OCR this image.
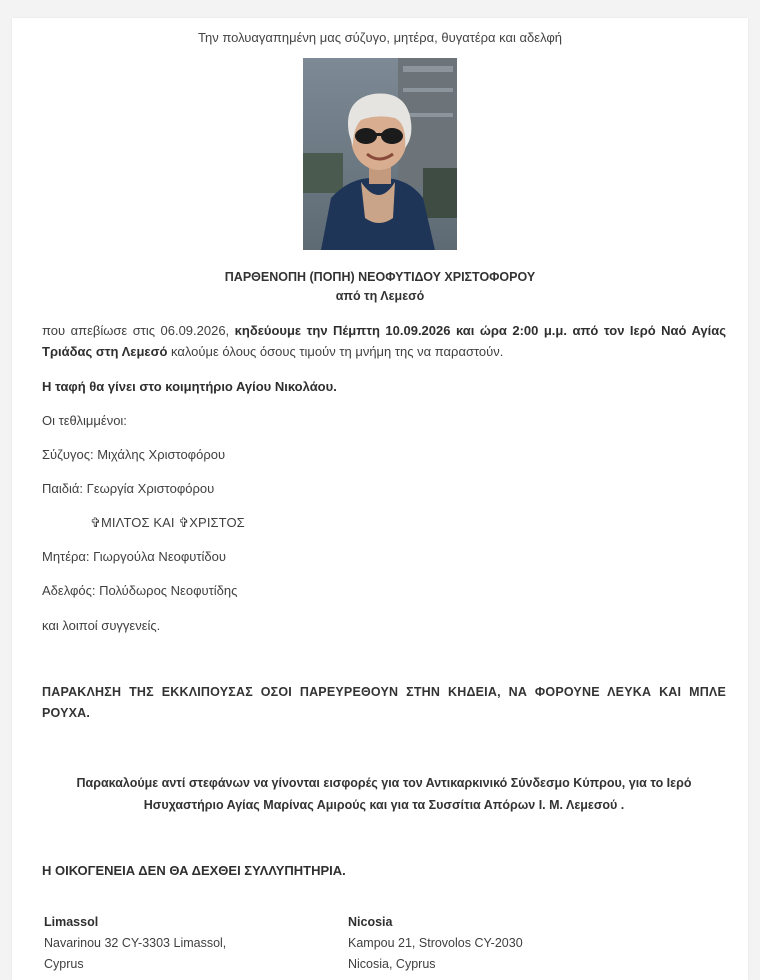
Την πολυαγαπημένη μας σύζυγο, μητέρα, θυγατέρα και αδελφή
ΠΑΡΘΕΝΟΠΗ (ΠΟΠΗ) ΝΕΟΦΥΤΙΔΟΥ ΧΡΙΣΤΟΦΟΡΟΥ
από τη Λεμεσό
που απεβίωσε στις 06.09.2026, κηδεύουμε την Πέμπτη 10.09.2026 και ώρα 2:00 μ.μ. από τον Ιερό Ναό Αγίας Τριάδας στη Λεμεσό καλούμε όλους όσους τιμούν τη μνήμη της να παραστούν.
Η ταφή θα γίνει στο κοιμητήριο Αγίου Νικολάου.
Οι τεθλιμμένοι:
Σύζυγος: Μιχάλης Χριστοφόρου
Παιδιά: Γεωργία Χριστοφόρου
✞ΜΙΛΤΟΣ ΚΑΙ ✞ΧΡΙΣΤΟΣ
Μητέρα: Γιωργούλα Νεοφυτίδου
Αδελφός: Πολύδωρος Νεοφυτίδης
και λοιποί συγγενείς.
ΠΑΡΑΚΛΗΣΗ ΤΗΣ ΕΚΚΛΙΠΟΥΣΑΣ ΟΣΟΙ ΠΑΡΕΥΡΕΘΟΥΝ ΣΤΗΝ ΚΗΔΕΙΑ, ΝΑ ΦΟΡΟΥΝΕ ΛΕΥΚΑ ΚΑΙ ΜΠΛΕ ΡΟΥΧΑ.
Παρακαλούμε αντί στεφάνων να γίνονται εισφορές για τον Αντικαρκινικό Σύνδεσμο Κύπρου, για το Ιερό Ησυχαστήριο Αγίας Μαρίνας Αμιρούς και για τα Συσσίτια Απόρων Ι. Μ. Λεμεσού .
Η ΟΙΚΟΓΕΝΕΙΑ ΔΕΝ ΘΑ ΔΕΧΘΕΙ ΣΥΛΛΥΠΗΤΗΡΙΑ.
Limassol
Navarinou 32 CY-3303 Limassol,
Cyprus
Nicosia
Kampou 21, Strovolos CY-2030
Nicosia, Cyprus
